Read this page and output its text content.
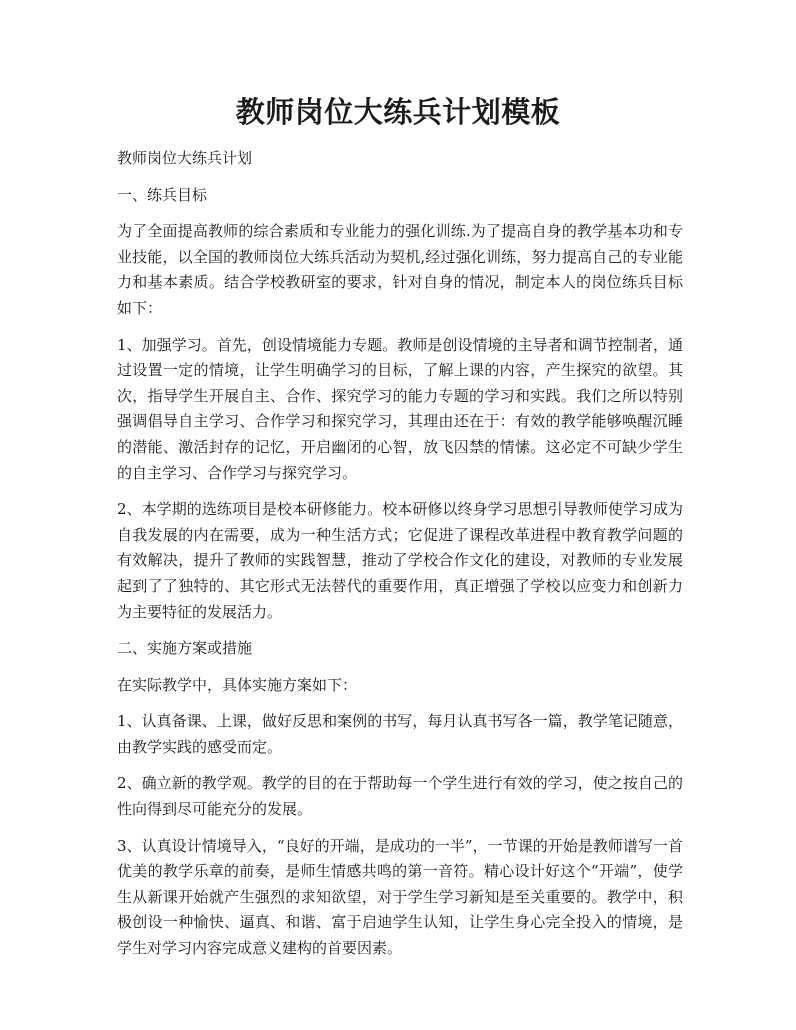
教师岗位大练兵计划模板

教师岗位大练兵计划

一、练兵目标

为了全面提高教师的综合素质和专业能力的强化训练.为了提高自身的教学基本功和专业技能，以全国的教师岗位大练兵活动为契机,经过强化训练，努力提高自己的专业能力和基本素质。结合学校教研室的要求，针对自身的情况，制定本人的岗位练兵目标如下：

1、加强学习。首先，创设情境能力专题。教师是创设情境的主导者和调节控制者，通过设置一定的情境，让学生明确学习的目标，了解上课的内容，产生探究的欲望。其次，指导学生开展自主、合作、探究学习的能力专题的学习和实践。我们之所以特别强调倡导自主学习、合作学习和探究学习，其理由还在于：有效的教学能够唤醒沉睡的潜能、激活封存的记忆，开启幽闭的心智，放飞囚禁的情愫。这必定不可缺少学生的自主学习、合作学习与探究学习。

2、本学期的选练项目是校本研修能力。校本研修以终身学习思想引导教师使学习成为自我发展的内在需要，成为一种生活方式；它促进了课程改革进程中教育教学问题的有效解决，提升了教师的实践智慧，推动了学校合作文化的建设，对教师的专业发展起到了了独特的、其它形式无法替代的重要作用，真正增强了学校以应变力和创新力为主要特征的发展活力。

二、实施方案或措施

在实际教学中，具体实施方案如下：

1、认真备课、上课，做好反思和案例的书写，每月认真书写各一篇，教学笔记随意，由教学实践的感受而定。

2、确立新的教学观。教学的目的在于帮助每一个学生进行有效的学习，使之按自己的性向得到尽可能充分的发展。

3、认真设计情境导入，“良好的开端，是成功的一半”，一节课的开始是教师谱写一首优美的教学乐章的前奏，是师生情感共鸣的第一音符。精心设计好这个“开端”，使学生从新课开始就产生强烈的求知欲望，对于学生学习新知是至关重要的。教学中，积极创设一种愉快、逼真、和谐、富于启迪学生认知，让学生身心完全投入的情境，是学生对学习内容完成意义建构的首要因素。
